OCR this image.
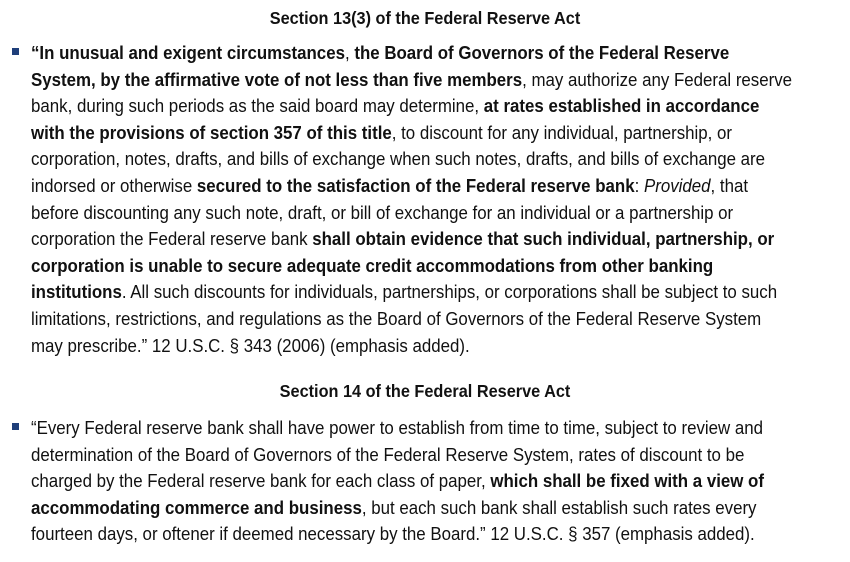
Section 13(3) of the Federal Reserve Act

“In unusual and exigent circumstances, the Board of Governors of the Federal Reserve
System, by the affirmative vote of not less than five members, may authorize any Federal reserve
bank, during such periods as the said board may determine, at rates established in accordance
with the provisions of section 357 of this title, to discount for any individual, partnership, or
corporation, notes, drafts, and bills of exchange when such notes, drafts, and bills of exchange are
indorsed or otherwise secured to the satisfaction of the Federal reserve bank: Provided, that
before discounting any such note, draft, or bill of exchange for an individual or a partnership or
corporation the Federal reserve bank shall obtain evidence that such individual, partnership, or
corporation is unable to secure adequate credit accommodations from other banking
institutions. All such discounts for individuals, partnerships, or corporations shall be subject to such
limitations, restrictions, and regulations as the Board of Governors of the Federal Reserve System
may prescribe.” 12 U.S.C. § 343 (2006) (emphasis added).

Section 14 of the Federal Reserve Act

“Every Federal reserve bank shall have power to establish from time to time, subject to review and
determination of the Board of Governors of the Federal Reserve System, rates of discount to be
charged by the Federal reserve bank for each class of paper, which shall be fixed with a view of
accommodating commerce and business, but each such bank shall establish such rates every
fourteen days, or oftener if deemed necessary by the Board.” 12 U.S.C. § 357 (emphasis added).
